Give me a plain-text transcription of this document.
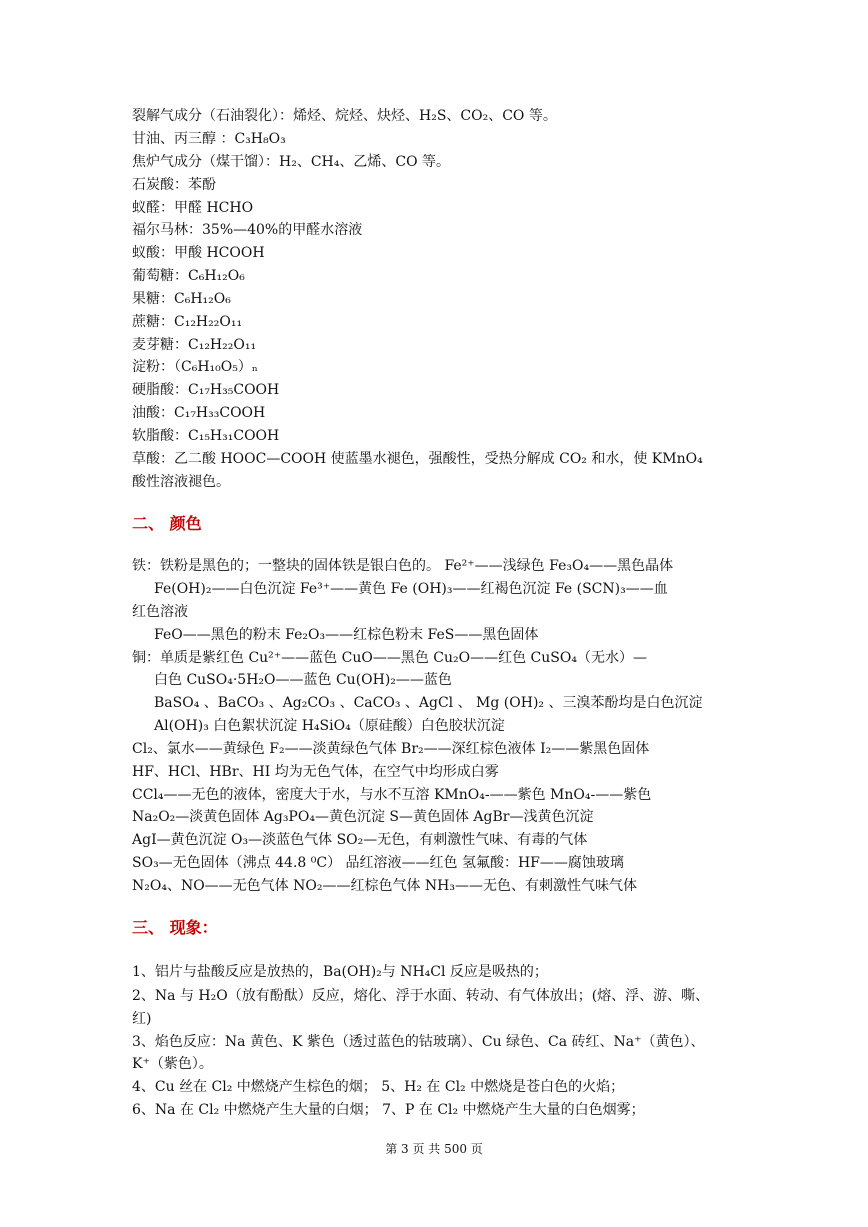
裂解气成分（石油裂化）：烯烃、烷烃、炔烃、H₂S、CO₂、CO 等。
甘油、丙三醇 ：C₃H₈O₃
焦炉气成分（煤干馏）：H₂、CH₄、乙烯、CO 等。
石炭酸：苯酚
蚁醛：甲醛 HCHO
福尔马林：35%—40%的甲醛水溶液
蚁酸：甲酸 HCOOH
葡萄糖：C₆H₁₂O₆
果糖：C₆H₁₂O₆
蔗糖：C₁₂H₂₂O₁₁
麦芽糖：C₁₂H₂₂O₁₁
淀粉：（C₆H₁₀O₅）ₙ
硬脂酸：C₁₇H₃₅COOH
油酸：C₁₇H₃₃COOH
软脂酸：C₁₅H₃₁COOH
草酸：乙二酸 HOOC—COOH 使蓝墨水褪色，强酸性，受热分解成 CO₂ 和水，使 KMnO₄
酸性溶液褪色。
二、 颜色
铁：铁粉是黑色的；一整块的固体铁是银白色的。 Fe²⁺——浅绿色 Fe₃O₄——黑色晶体
Fe(OH)₂——白色沉淀 Fe³⁺——黄色 Fe (OH)₃——红褐色沉淀 Fe (SCN)₃——血
红色溶液
FeO——黑色的粉末 Fe₂O₃——红棕色粉末 FeS——黑色固体
铜：单质是紫红色 Cu²⁺——蓝色 CuO——黑色 Cu₂O——红色 CuSO₄（无水）—
白色 CuSO₄·5H₂O——蓝色 Cu(OH)₂——蓝色
BaSO₄ 、BaCO₃ 、Ag₂CO₃ 、CaCO₃ 、AgCl 、 Mg (OH)₂ 、三溴苯酚均是白色沉淀
Al(OH)₃ 白色絮状沉淀 H₄SiO₄（原硅酸）白色胶状沉淀
Cl₂、氯水——黄绿色 F₂——淡黄绿色气体 Br₂——深红棕色液体 I₂——紫黑色固体
HF、HCl、HBr、HI 均为无色气体，在空气中均形成白雾
CCl₄——无色的液体，密度大于水，与水不互溶 KMnO₄-——紫色 MnO₄-——紫色
Na₂O₂—淡黄色固体 Ag₃PO₄—黄色沉淀 S—黄色固体 AgBr—浅黄色沉淀
AgI—黄色沉淀 O₃—淡蓝色气体 SO₂—无色，有刺激性气味、有毒的气体
SO₃—无色固体（沸点 44.8 ⁰C） 品红溶液——红色 氢氟酸：HF——腐蚀玻璃
N₂O₄、NO——无色气体 NO₂——红棕色气体 NH₃——无色、有刺激性气味气体
三、 现象：
1、铝片与盐酸反应是放热的，Ba(OH)₂与 NH₄Cl 反应是吸热的；
2、Na 与 H₂O（放有酚酞）反应，熔化、浮于水面、转动、有气体放出；(熔、浮、游、嘶、
红)
3、焰色反应：Na 黄色、K 紫色（透过蓝色的钴玻璃）、Cu 绿色、Ca 砖红、Na⁺（黄色）、
K⁺（紫色）。
4、Cu 丝在 Cl₂ 中燃烧产生棕色的烟； 5、H₂ 在 Cl₂ 中燃烧是苍白色的火焰；
6、Na 在 Cl₂ 中燃烧产生大量的白烟； 7、P 在 Cl₂ 中燃烧产生大量的白色烟雾；
第 3 页 共 500 页
